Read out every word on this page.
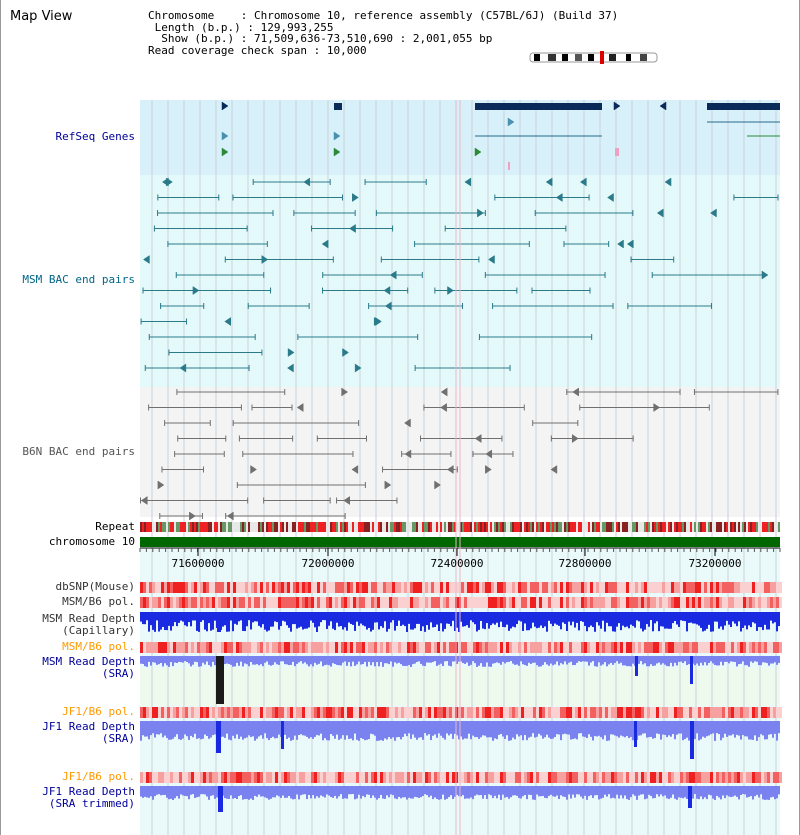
Map View	Chromosome    : Chromosome 10, reference assembly (C57BL/6J) (Build 37)
Length (b.p.) : 129,993,255
Show (b.p.) : 71,509,636-73,510,690 : 2,001,055 bp
Read coverage check span : 10,000
RefSeq Genes
MSM BAC end pairs
B6N BAC end pairs
Repeat
chromosome 10
dbSNP(Mouse)
MSM/B6 pol.
MSM Read Depth
(Capillary)
MSM/B6 pol.
MSM Read Depth
(SRA)
JF1/B6 pol.
JF1 Read Depth
(SRA)
JF1/B6 pol.
JF1 Read Depth
(SRA trimmed)
71600000	72000000	72400000	72800000	73200000
